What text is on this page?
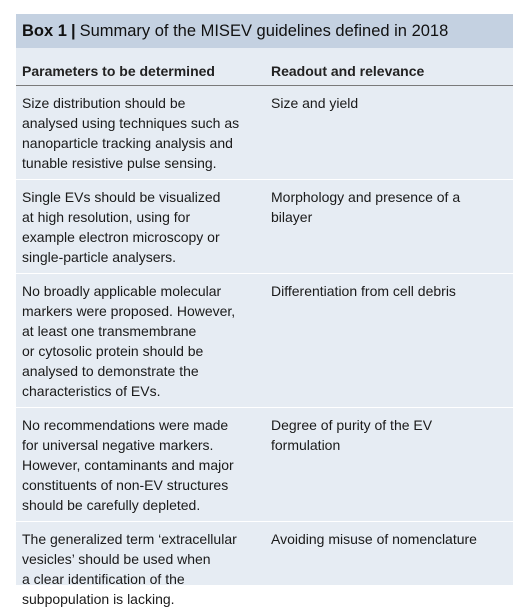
Box 1 | Summary of the MISEV guidelines defined in 2018
Parameters to be determined	Readout and relevance
Size distribution should be
analysed using techniques such as
nanoparticle tracking analysis and
tunable resistive pulse sensing.
Size and yield
Single EVs should be visualized
at high resolution, using for
example electron microscopy or
single-particle analysers.
Morphology and presence of a
bilayer
No broadly applicable molecular
markers were proposed. However,
at least one transmembrane
or cytosolic protein should be
analysed to demonstrate the
characteristics of EVs.
Differentiation from cell debris
No recommendations were made
for universal negative markers.
However, contaminants and major
constituents of non-EV structures
should be carefully depleted.
Degree of purity of the EV
formulation
The generalized term ‘extracellular
vesicles’ should be used when
a clear identification of the
subpopulation is lacking.
Avoiding misuse of nomenclature
